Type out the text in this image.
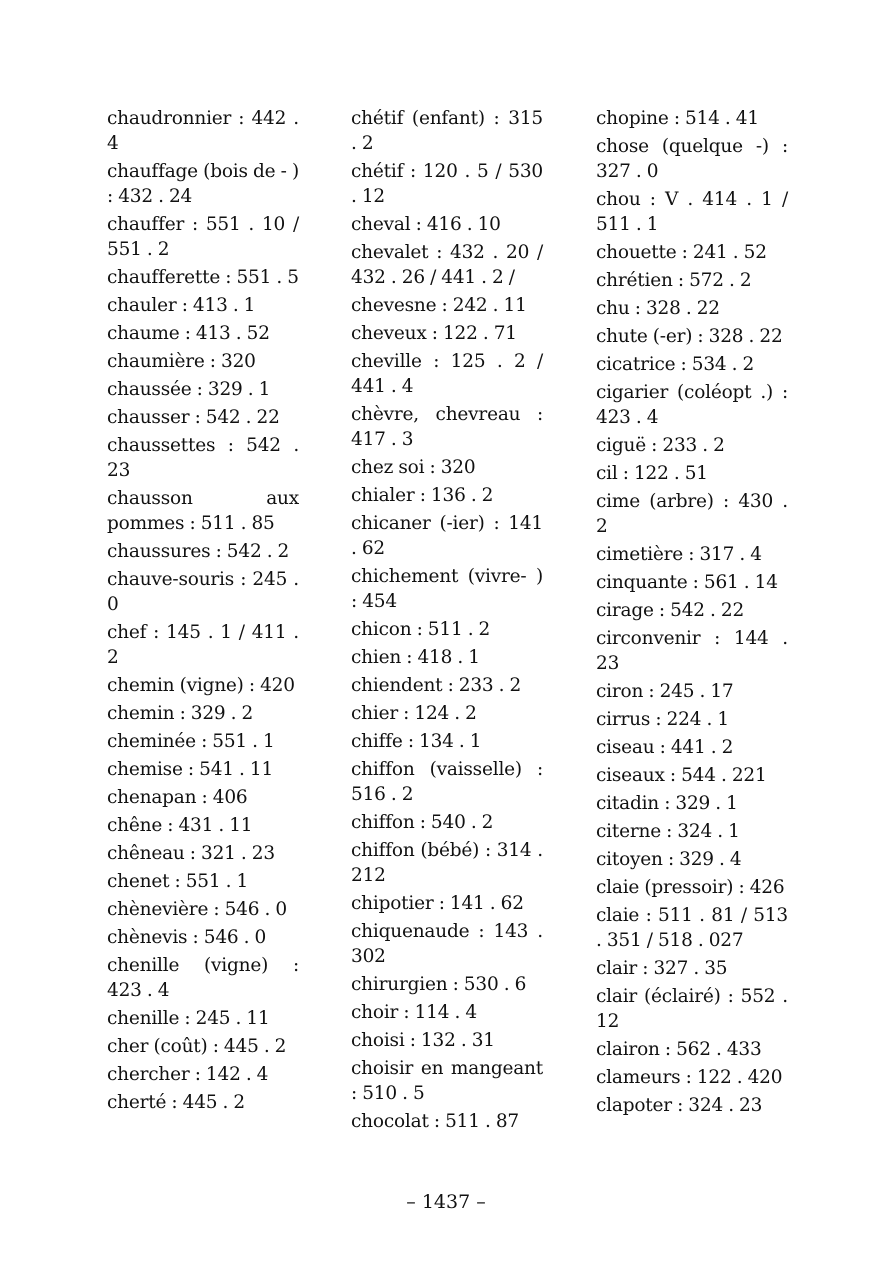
chaudronnier : 442 . 4

chauffage (bois de - ) : 432 . 24

chauffer : 551 . 10 / 551 . 2

chaufferette : 551 . 5

chauler : 413 . 1

chaume : 413 . 52

chaumière : 320

chaussée : 329 . 1

chausser : 542 . 22

chaussettes : 542 . 23

chausson aux pommes : 511 . 85

chaussures : 542 . 2

chauve-souris : 245 . 0

chef : 145 . 1 / 411 . 2

chemin (vigne) : 420

chemin : 329 . 2

cheminée : 551 . 1

chemise : 541 . 11

chenapan : 406

chêne : 431 . 11

chêneau : 321 . 23

chenet : 551 . 1

chènevière : 546 . 0

chènevis : 546 . 0

chenille (vigne) : 423 . 4

chenille : 245 . 11

cher (coût) : 445 . 2

chercher : 142 . 4

cherté : 445 . 2

chétif (enfant) : 315 . 2

chétif : 120 . 5 / 530 . 12

cheval : 416 . 10

chevalet : 432 . 20 / 432 . 26 / 441 . 2 /

chevesne : 242 . 11

cheveux : 122 . 71

cheville : 125 . 2 / 441 . 4

chèvre, chevreau : 417 . 3

chez soi : 320

chialer : 136 . 2

chicaner (-ier) : 141 . 62

chichement (vivre- ) : 454

chicon : 511 . 2

chien : 418 . 1

chiendent : 233 . 2

chier : 124 . 2

chiffe : 134 . 1

chiffon (vaisselle) : 516 . 2

chiffon : 540 . 2

chiffon (bébé) : 314 . 212

chipotier : 141 . 62

chiquenaude : 143 . 302

chirurgien : 530 . 6

choir : 114 . 4

choisi : 132 . 31

choisir en mangeant : 510 . 5

chocolat : 511 . 87

chopine : 514 . 41

chose (quelque -) : 327 . 0

chou : V . 414 . 1 / 511 . 1

chouette : 241 . 52

chrétien : 572 . 2

chu : 328 . 22

chute (-er) : 328 . 22

cicatrice : 534 . 2

cigarier (coléopt .) : 423 . 4

ciguë : 233 . 2

cil : 122 . 51

cime (arbre) : 430 . 2

cimetière : 317 . 4

cinquante : 561 . 14

cirage : 542 . 22

circonvenir : 144 . 23

ciron : 245 . 17

cirrus : 224 . 1

ciseau : 441 . 2

ciseaux : 544 . 221

citadin : 329 . 1

citerne : 324 . 1

citoyen : 329 . 4

claie (pressoir) : 426

claie : 511 . 81 / 513 . 351 / 518 . 027

clair : 327 . 35

clair (éclairé) : 552 . 12

clairon : 562 . 433

clameurs : 122 . 420

clapoter : 324 . 23

– 1437 –
